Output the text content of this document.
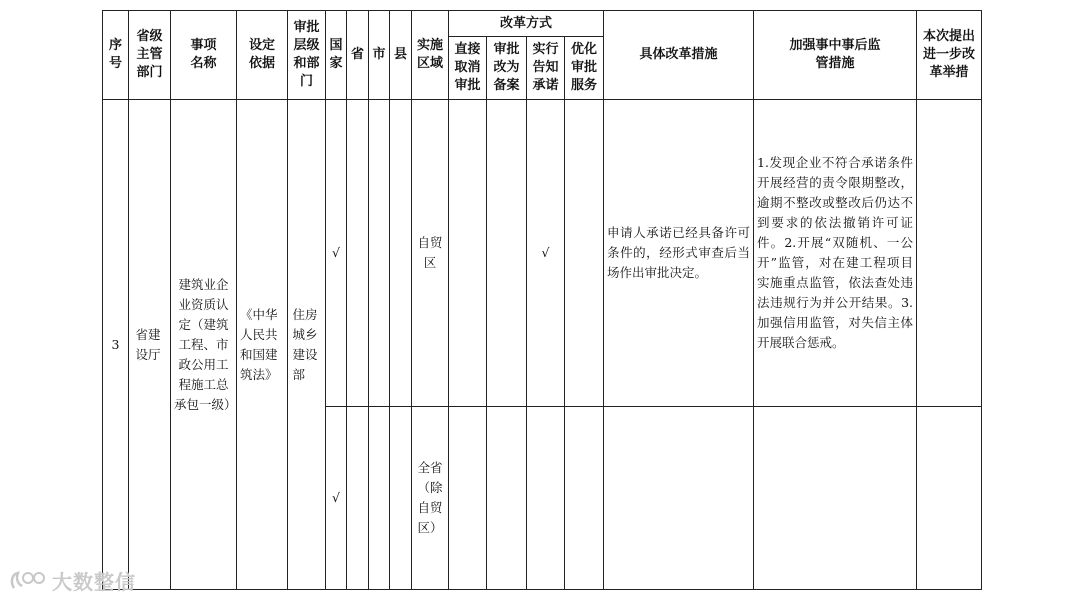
序号	省级主管部门	事项名称	设定依据	审批层级和部门	国家	省	市	县	实施区域	改革方式				具体改革措施	加强事中事后监管措施	本次提出进一步改革举措

										直接取消审批	审批改为备案	实行告知承诺	优化审批服务			

3	省建设厅	建筑业企业资质认定（建筑工程、市政公用工程施工总承包一级）	《中华人民共和国建筑法》	住房城乡建设部	√				自贸区			√		申请人承诺已经具备许可条件的，经形式审查后当场作出审批决定。	1.发现企业不符合承诺条件开展经营的责令限期整改，逾期不整改或整改后仍达不到要求的依法撤销许可证件。2.开展“双随机、一公开”监管，对在建工程项目实施重点监管，依法查处违法违规行为并公开结果。3.加强信用监管，对失信主体开展联合惩戒。	

					√				全省（除自贸区）							

大数整信
